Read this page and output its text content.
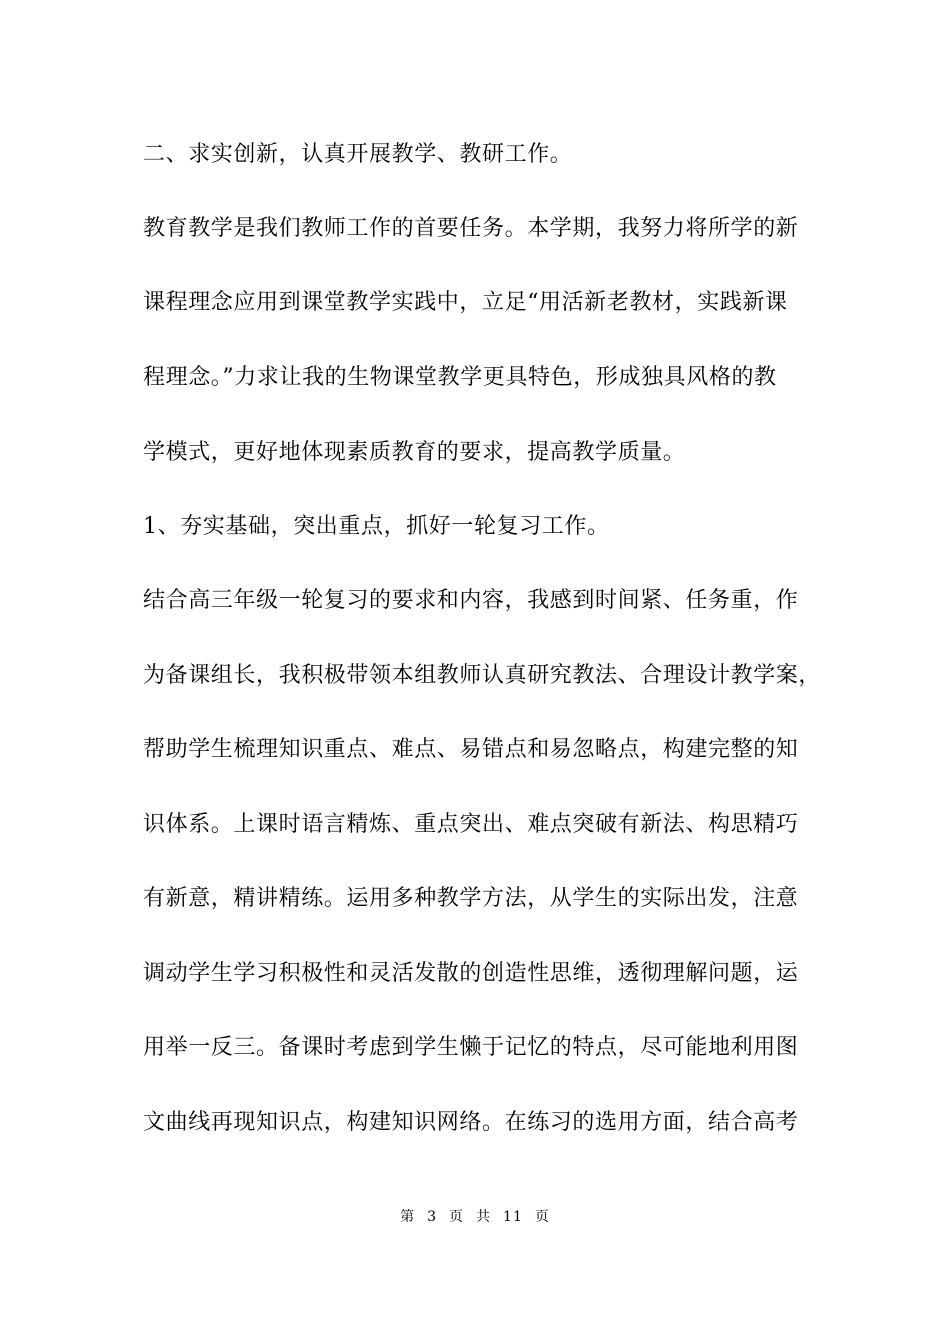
二、求实创新，认真开展教学、教研工作。
教育教学是我们教师工作的首要任务。本学期，我努力将所学的新
课程理念应用到课堂教学实践中，立足“用活新老教材，实践新课
程理念。”力求让我的生物课堂教学更具特色，形成独具风格的教
学模式，更好地体现素质教育的要求，提高教学质量。
1、夯实基础，突出重点，抓好一轮复习工作。
结合高三年级一轮复习的要求和内容，我感到时间紧、任务重，作
为备课组长，我积极带领本组教师认真研究教法、合理设计教学案，
帮助学生梳理知识重点、难点、易错点和易忽略点，构建完整的知
识体系。上课时语言精炼、重点突出、难点突破有新法、构思精巧
有新意，精讲精练。运用多种教学方法，从学生的实际出发，注意
调动学生学习积极性和灵活发散的创造性思维，透彻理解问题，运
用举一反三。备课时考虑到学生懒于记忆的特点，尽可能地利用图
文曲线再现知识点，构建知识网络。在练习的选用方面，结合高考
第 3 页 共 11 页
